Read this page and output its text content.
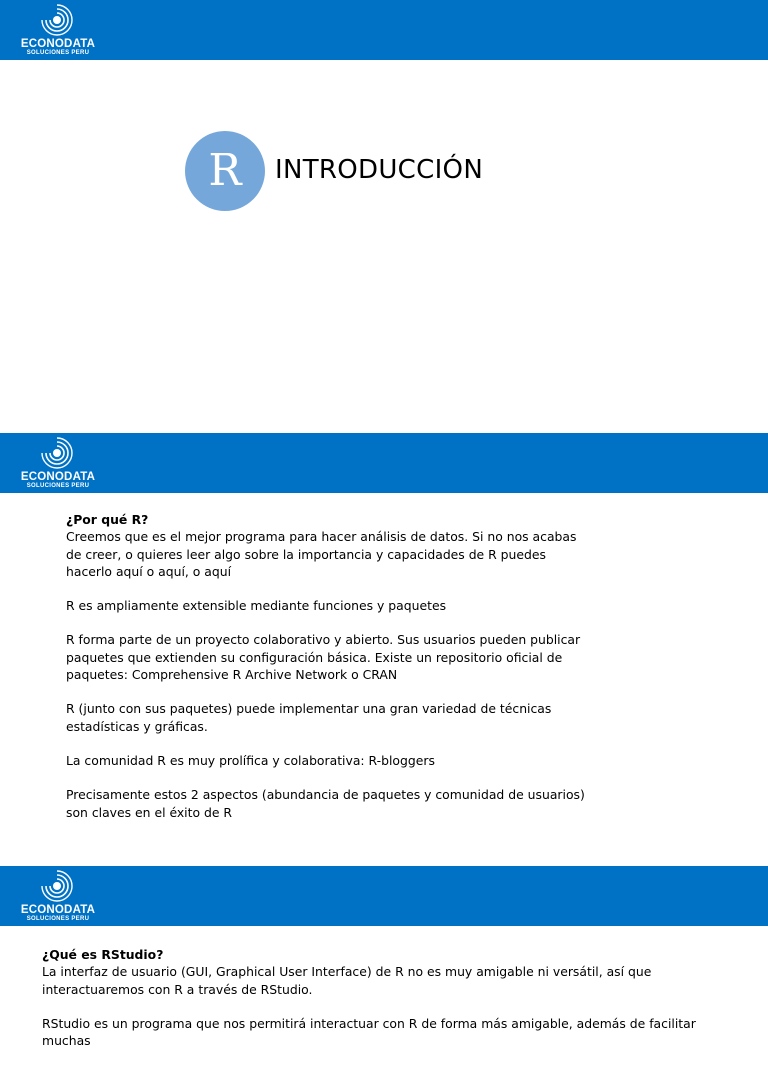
ECONODATA
SOLUCIONES PERU
R	INTRODUCCIÓN
ECONODATA
SOLUCIONES PERU

¿Por qué R?
Creemos que es el mejor programa para hacer análisis de datos. Si no nos acabas de creer, o quieres leer algo sobre la importancia y capacidades de R puedes hacerlo aquí o aquí, o aquí

R es ampliamente extensible mediante funciones y paquetes

R forma parte de un proyecto colaborativo y abierto. Sus usuarios pueden publicar paquetes que extienden su configuración básica. Existe un repositorio oficial de paquetes: Comprehensive R Archive Network o CRAN

R (junto con sus paquetes) puede implementar una gran variedad de técnicas estadísticas y gráficas.

La comunidad R es muy prolífica y colaborativa: R-bloggers

Precisamente estos 2 aspectos (abundancia de paquetes y comunidad de usuarios) son claves en el éxito de R

ECONODATA
SOLUCIONES PERU

¿Qué es RStudio?
La interfaz de usuario (GUI, Graphical User Interface) de R no es muy amigable ni versátil, así que interactuaremos con R a través de RStudio.

RStudio es un programa que nos permitirá interactuar con R de forma más amigable, además de facilitar muchas
